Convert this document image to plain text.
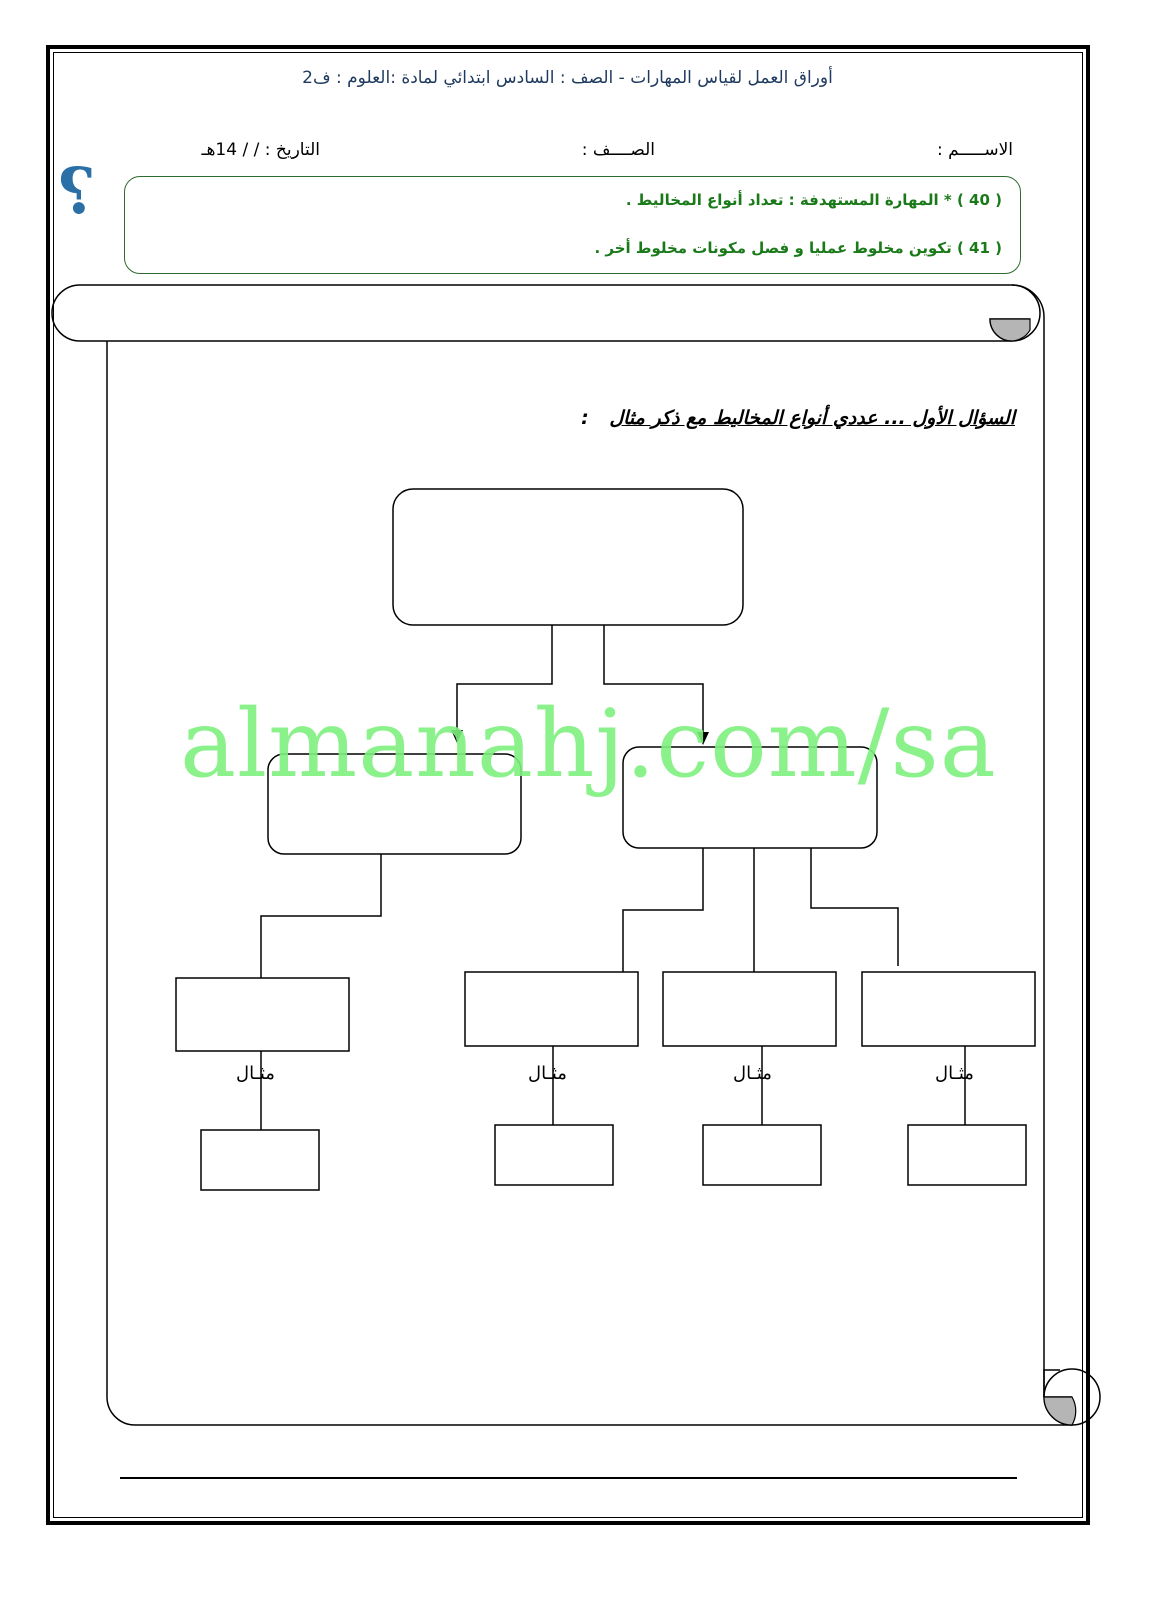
أوراق العمل لقياس المهارات - الصف : السادس ابتدائي لمادة :العلوم : ف2
الاســـــم :
الصــــف :
التاريخ : / / 14هـ
?	( 40 ) * المهارة المستهدفة : تعداد أنواع المخاليط .
( 41 ) تكوين مخلوط عمليا و فصل مكونات مخلوط أخر .
السؤال الأول ... عددي أنواع المخاليط مع ذكر مثال :
almanahj.com/sa
مثـال	مثـال	مثـال	مثـال
